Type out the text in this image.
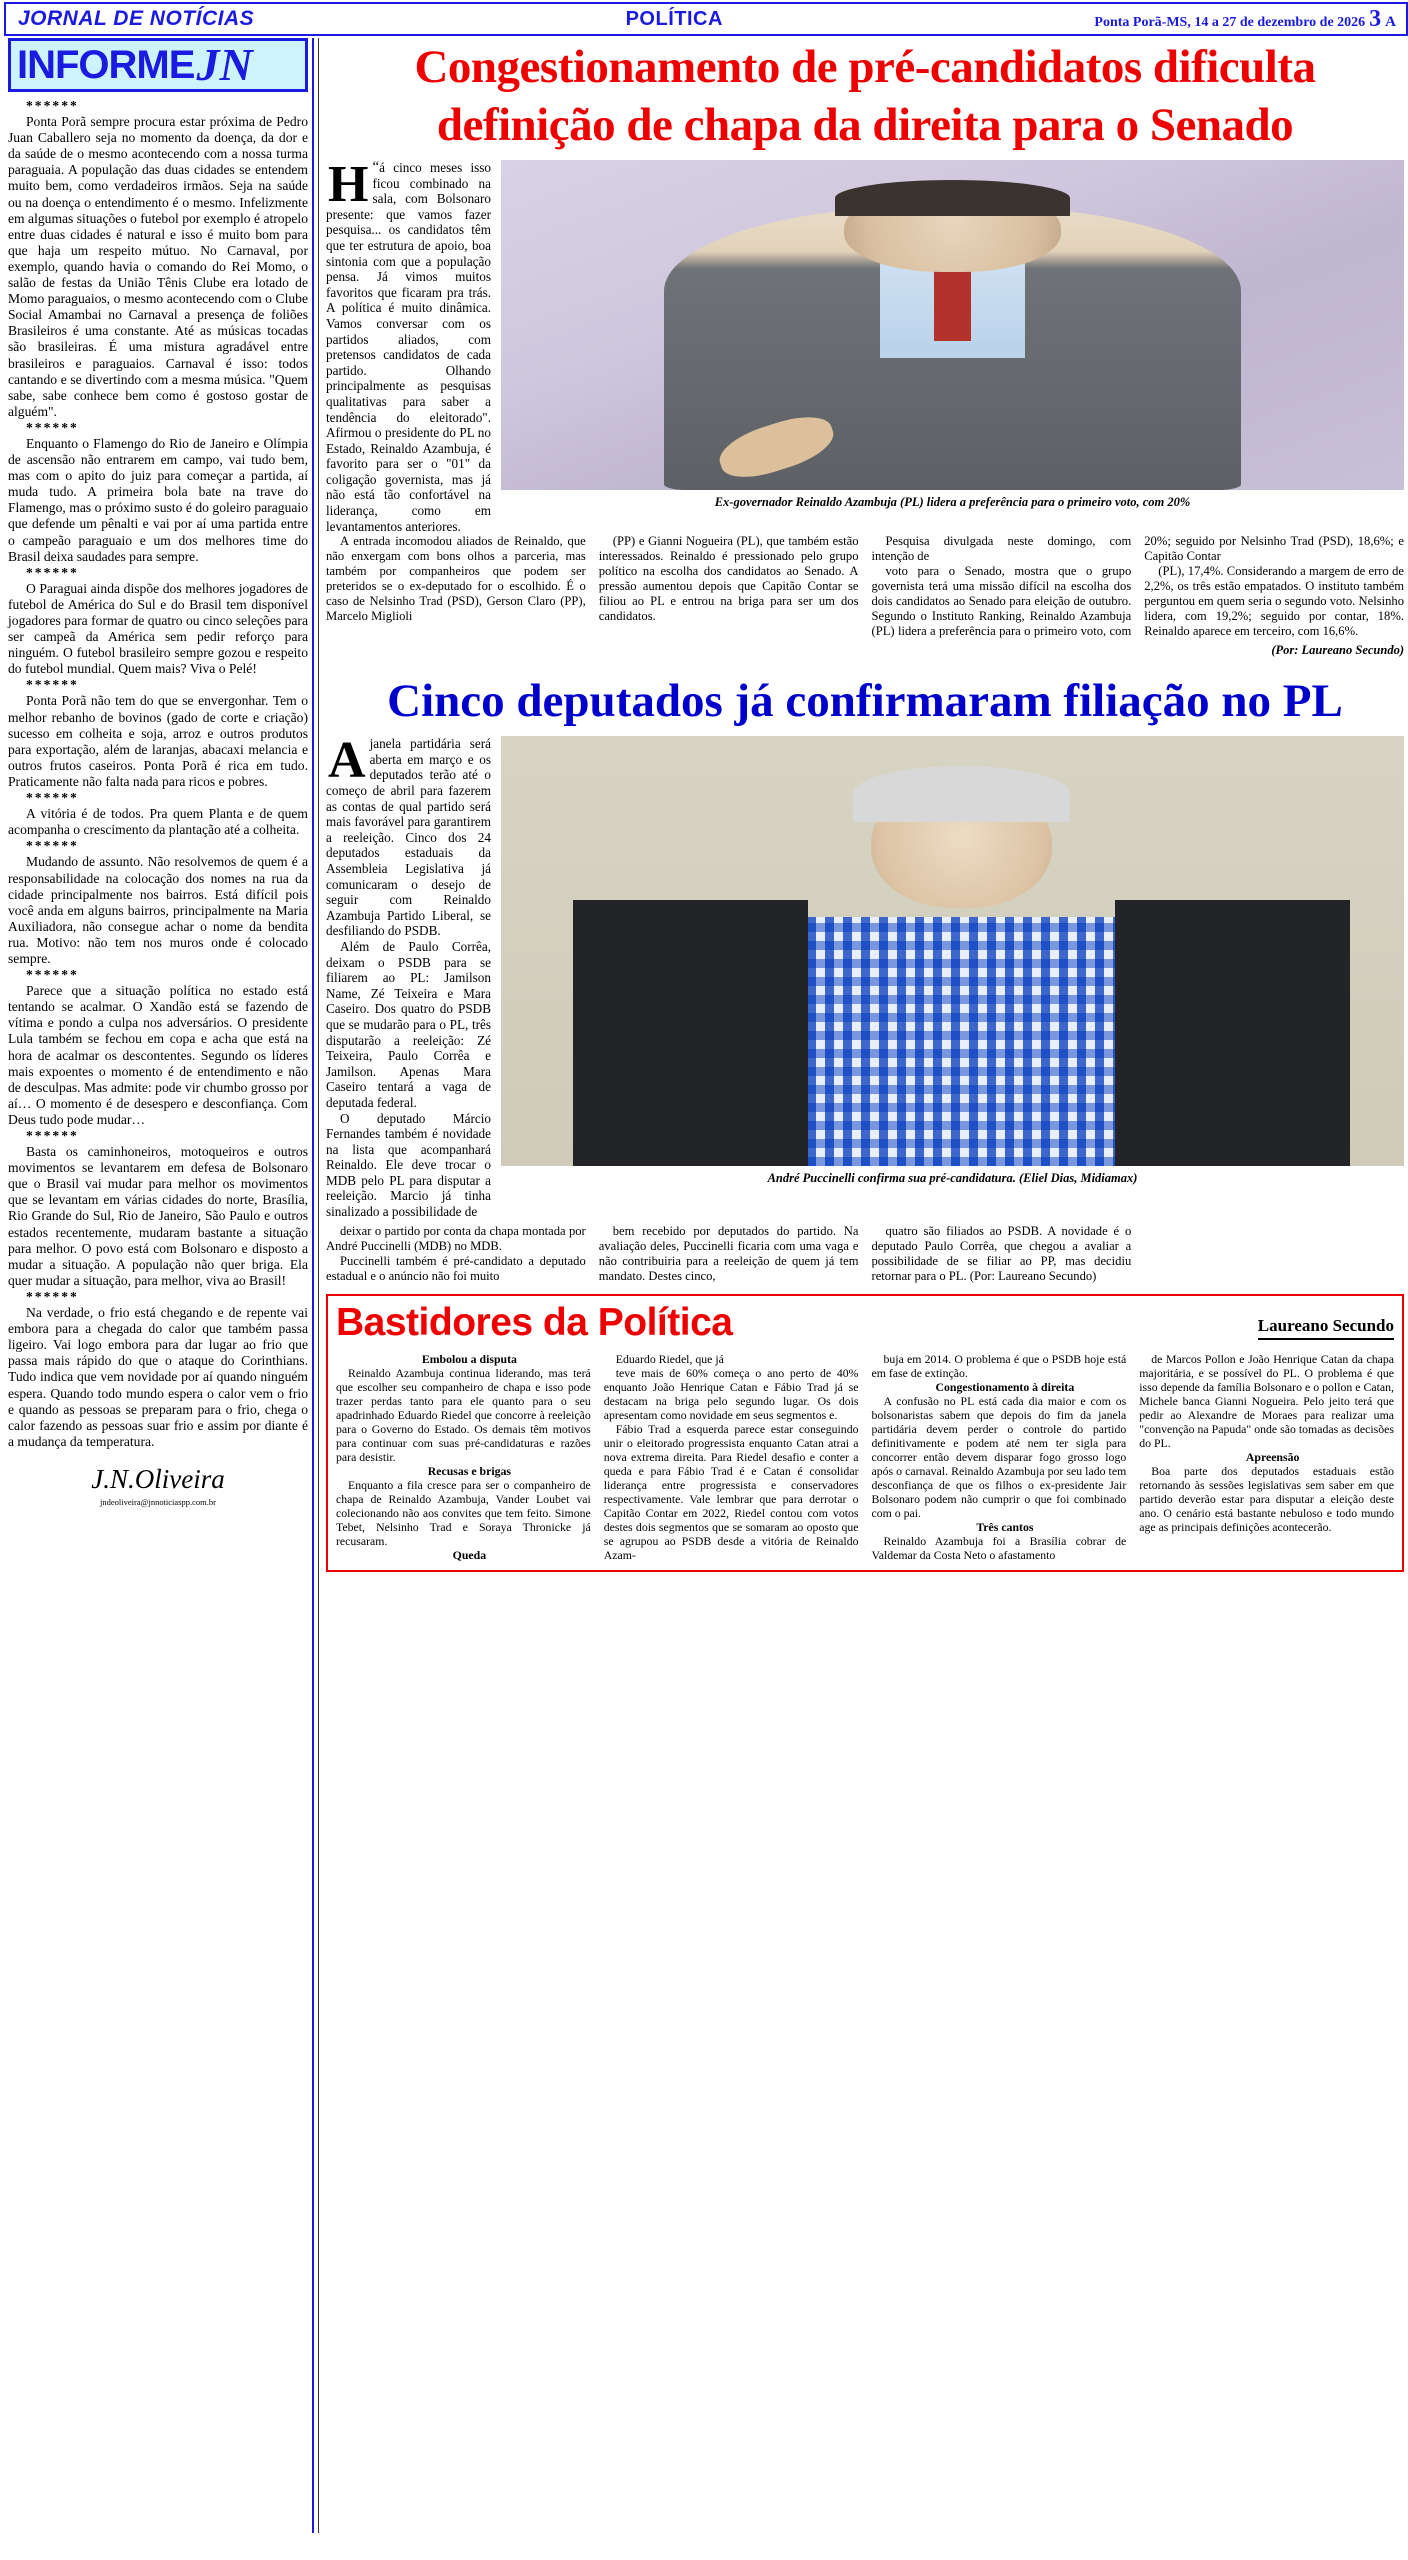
JORNAL DE NOTÍCIAS	POLÍTICA	Ponta Porã-MS, 14 a 27 de dezembro de 2026 3 A
INFORME JN

******

Ponta Porã sempre procura estar próxima de Pedro Juan Caballero seja no momento da doença, da dor e da saúde de o mesmo acontecendo com a nossa turma paraguaia. A população das duas cidades se entendem muito bem, como verdadeiros irmãos. Seja na saúde ou na doença o entendimento é o mesmo. Infelizmente em algumas situações o futebol por exemplo é atropelo entre duas cidades é natural e isso é muito bom para que haja um respeito mútuo. No Carnaval, por exemplo, quando havia o comando do Rei Momo, o salão de festas da União Tênis Clube era lotado de Momo paraguaios, o mesmo acontecendo com o Clube Social Amambai no Carnaval a presença de foliões Brasileiros é uma constante. Até as músicas tocadas são brasileiras. É uma mistura agradável entre brasileiros e paraguaios. Carnaval é isso: todos cantando e se divertindo com a mesma música. "Quem sabe, sabe conhece bem como é gostoso gostar de alguém".

******

Enquanto o Flamengo do Rio de Janeiro e Olímpia de ascensão não entrarem em campo, vai tudo bem, mas com o apito do juiz para começar a partida, aí muda tudo. A primeira bola bate na trave do Flamengo, mas o próximo susto é do goleiro paraguaio que defende um pênalti e vai por aí uma partida entre o campeão paraguaio e um dos melhores time do Brasil deixa saudades para sempre.

******

O Paraguai ainda dispõe dos melhores jogadores de futebol de América do Sul e do Brasil tem disponível jogadores para formar de quatro ou cinco seleções para ser campeã da América sem pedir reforço para ninguém. O futebol brasileiro sempre gozou e respeito do futebol mundial. Quem mais? Viva o Pelé!

******

Ponta Porã não tem do que se envergonhar. Tem o melhor rebanho de bovinos (gado de corte e criação) sucesso em colheita e soja, arroz e outros produtos para exportação, além de laranjas, abacaxi melancia e outros frutos caseiros. Ponta Porã é rica em tudo. Praticamente não falta nada para ricos e pobres.

******

A vitória é de todos. Pra quem Planta e de quem acompanha o crescimento da plantação até a colheita.

******

Mudando de assunto. Não resolvemos de quem é a responsabilidade na colocação dos nomes na rua da cidade principalmente nos bairros. Está difícil pois você anda em alguns bairros, principalmente na Maria Auxiliadora, não consegue achar o nome da bendita rua. Motivo: não tem nos muros onde é colocado sempre.

******

Parece que a situação política no estado está tentando se acalmar. O Xandão está se fazendo de vítima e pondo a culpa nos adversários. O presidente Lula também se fechou em copa e acha que está na hora de acalmar os descontentes. Segundo os líderes mais expoentes o momento é de entendimento e não de desculpas. Mas admite: pode vir chumbo grosso por aí… O momento é de desespero e desconfiança. Com Deus tudo pode mudar…

******

Basta os caminhoneiros, motoqueiros e outros movimentos se levantarem em defesa de Bolsonaro que o Brasil vai mudar para melhor os movimentos que se levantam em várias cidades do norte, Brasília, Rio Grande do Sul, Rio de Janeiro, São Paulo e outros estados recentemente, mudaram bastante a situação para melhor. O povo está com Bolsonaro e disposto a mudar a situação. A população não quer briga. Ela quer mudar a situação, para melhor, viva ao Brasil!

******

Na verdade, o frio está chegando e de repente vai embora para a chegada do calor que também passa ligeiro. Vai logo embora para dar lugar ao frio que passa mais rápido do que o ataque do Corinthians. Tudo indica que vem novidade por aí quando ninguém espera. Quando todo mundo espera o calor vem o frio e quando as pessoas se preparam para o frio, chega o calor fazendo as pessoas suar frio e assim por diante é a mudança da temperatura.

J.N.Oliveira
jndeoliveira@jnnoticiaspp.com.br
Congestionamento de pré-candidatos dificulta definição de chapa da direita para o Senado
“
Há cinco meses isso ficou combinado na sala, com Bolsonaro presente: que vamos fazer pesquisa... os candidatos têm que ter estrutura de apoio, boa sintonia com que a população pensa. Já vimos muitos favoritos que ficaram pra trás. A política é muito dinâmica. Vamos conversar com os partidos aliados, com pretensos candidatos de cada partido. Olhando principalmente as pesquisas qualitativas para saber a tendência do eleitorado". Afirmou o presidente do PL no Estado, Reinaldo Azambuja, é favorito para ser o "01" da coligação governista, mas já não está tão confortável na liderança, como em levantamentos anteriores.
Ex-governador Reinaldo Azambuja (PL) lidera a preferência para o primeiro voto, com 20%

A entrada incomodou aliados de Reinaldo, que não enxergam com bons olhos a parceria, mas também por companheiros que podem ser preteridos se o ex-deputado for o escolhido. É o caso de Nelsinho Trad (PSD), Gerson Claro (PP), Marcelo Miglioli

(PP) e Gianni Nogueira (PL), que também estão interessados. Reinaldo é pressionado pelo grupo político na escolha dos candidatos ao Senado. A pressão aumentou depois que Capitão Contar se filiou ao PL e entrou na briga para ser um dos candidatos.

Pesquisa divulgada neste domingo, com intenção de

voto para o Senado, mostra que o grupo governista terá uma missão difícil na escolha dos dois candidatos ao Senado para eleição de outubro. Segundo o Instituto Ranking, Reinaldo Azambuja (PL) lidera a preferência para o primeiro voto, com 20%; seguido por Nelsinho Trad (PSD), 18,6%; e Capitão Contar

(PL), 17,4%. Considerando a margem de erro de 2,2%, os três estão empatados. O instituto também perguntou em quem seria o segundo voto. Nelsinho lidera, com 19,2%; seguido por contar, 18%. Reinaldo aparece em terceiro, com 16,6%.

(Por: Laureano Secundo)
Cinco deputados já confirmaram filiação no PL
Ajanela partidária será aberta em março e os deputados terão até o começo de abril para fazerem as contas de qual partido será mais favorável para garantirem a reeleição. Cinco dos 24 deputados estaduais da Assembleia Legislativa já comunicaram o desejo de seguir com Reinaldo Azambuja Partido Liberal, se desfiliando do PSDB.

Além de Paulo Corrêa, deixam o PSDB para se filiarem ao PL: Jamilson Name, Zé Teixeira e Mara Caseiro. Dos quatro do PSDB que se mudarão para o PL, três disputarão a reeleição: Zé Teixeira, Paulo Corrêa e Jamilson. Apenas Mara Caseiro tentará a vaga de deputada federal.

O deputado Márcio Fernandes também é novidade na lista que acompanhará Reinaldo. Ele deve trocar o MDB pelo PL para disputar a reeleição. Marcio já tinha sinalizado a possibilidade de

André Puccinelli confirma sua pré-candidatura. (Eliel Dias, Midiamax)

deixar o partido por conta da chapa montada por André Puccinelli (MDB) no MDB.

Puccinelli também é pré-candidato a deputado estadual e o anúncio não foi muito

bem recebido por deputados do partido. Na avaliação deles, Puccinelli ficaria com uma vaga e não contribuiria para a reeleição de quem já tem mandato. Destes cinco,

quatro são filiados ao PSDB. A novidade é o deputado Paulo Corrêa, que chegou a avaliar a possibilidade de se filiar ao PP, mas decidiu retornar para o PL. (Por: Laureano Secundo)

Bastidores da Política	Laureano Secundo

Embolou a disputa

Reinaldo Azambuja continua liderando, mas terá que escolher seu companheiro de chapa e isso pode trazer perdas tanto para ele quanto para o seu apadrinhado Eduardo Riedel que concorre à reeleição para o Governo do Estado. Os demais têm motivos para continuar com suas pré-candidaturas e razões para desistir.

Recusas e brigas

Enquanto a fila cresce para ser o companheiro de chapa de Reinaldo Azambuja, Vander Loubet vai colecionando não aos convites que tem feito. Simone Tebet, Nelsinho Trad e Soraya Thronicke já recusaram.

Queda

Eduardo Riedel, que já

teve mais de 60% começa o ano perto de 40% enquanto João Henrique Catan e Fábio Trad já se destacam na briga pelo segundo lugar. Os dois apresentam como novidade em seus segmentos e.

Fábio Trad a esquerda parece estar conseguindo unir o eleitorado progressista enquanto Catan atrai a nova extrema direita. Para Riedel desafio e conter a queda e para Fábio Trad é e Catan é consolidar liderança entre progressista e conservadores respectivamente. Vale lembrar que para derrotar o Capitão Contar em 2022, Riedel contou com votos destes dois segmentos que se somaram ao oposto que se agrupou ao PSDB desde a vitória de Reinaldo Azam-

buja em 2014. O problema é que o PSDB hoje está em fase de extinção.

Congestionamento à direita

A confusão no PL está cada dia maior e com os bolsonaristas sabem que depois do fim da janela partidária devem perder o controle do partido definitivamente e podem até nem ter sigla para concorrer então devem disparar fogo grosso logo após o carnaval. Reinaldo Azambuja por seu lado tem desconfiança de que os filhos o ex-presidente Jair Bolsonaro podem não cumprir o que foi combinado com o pai.

Três cantos

Reinaldo Azambuja foi a Brasília cobrar de Valdemar da Costa Neto o afastamento

de Marcos Pollon e João Henrique Catan da chapa majoritária, e se possível do PL. O problema é que isso depende da família Bolsonaro e o pollon e Catan, Michele banca Gianni Nogueira. Pelo jeito terá que pedir ao Alexandre de Moraes para realizar uma "convenção na Papuda" onde são tomadas as decisões do PL.

Apreensão

Boa parte dos deputados estaduais estão retornando às sessões legislativas sem saber em que partido deverão estar para disputar a eleição deste ano. O cenário está bastante nebuloso e todo mundo age as principais definições acontecerão.
